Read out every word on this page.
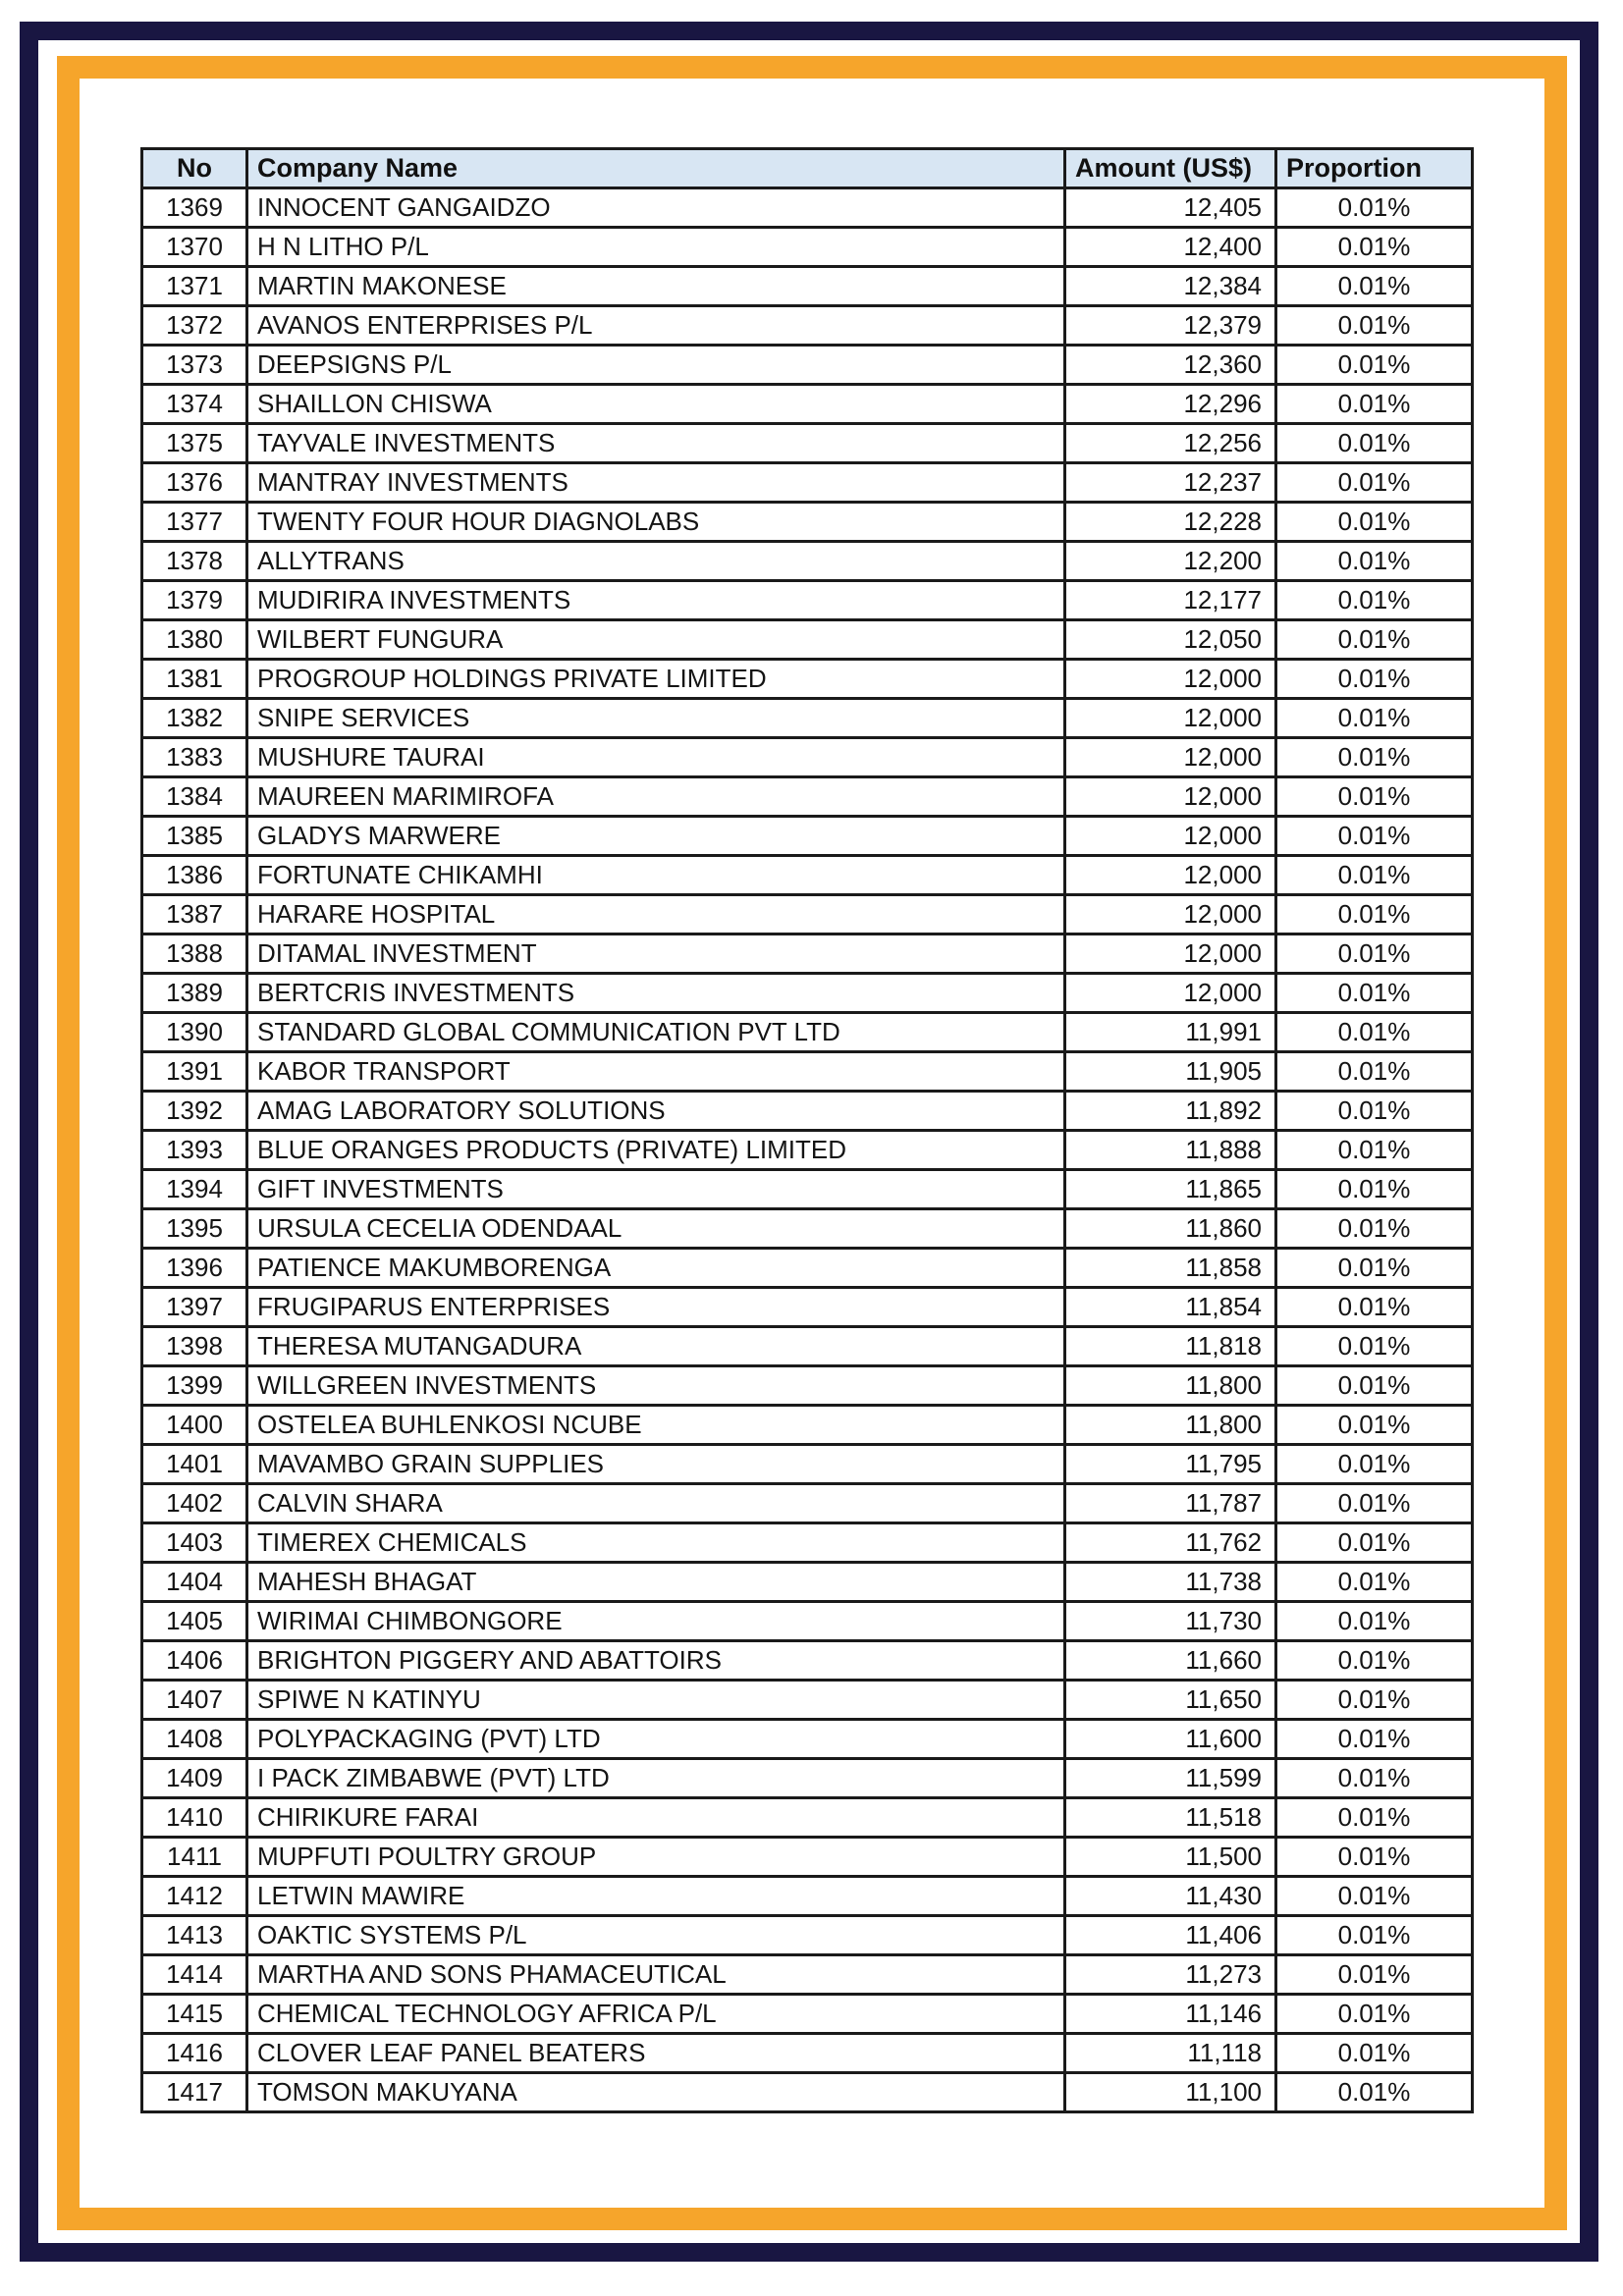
No	Company Name	Amount (US$)	Proportion
1369	INNOCENT GANGAIDZO	12,405	0.01%
1370	H N LITHO P/L	12,400	0.01%
1371	MARTIN MAKONESE	12,384	0.01%
1372	AVANOS ENTERPRISES P/L	12,379	0.01%
1373	DEEPSIGNS P/L	12,360	0.01%
1374	SHAILLON CHISWA	12,296	0.01%
1375	TAYVALE INVESTMENTS	12,256	0.01%
1376	MANTRAY INVESTMENTS	12,237	0.01%
1377	TWENTY FOUR HOUR DIAGNOLABS	12,228	0.01%
1378	ALLYTRANS	12,200	0.01%
1379	MUDIRIRA INVESTMENTS	12,177	0.01%
1380	WILBERT FUNGURA	12,050	0.01%
1381	PROGROUP HOLDINGS PRIVATE LIMITED	12,000	0.01%
1382	SNIPE SERVICES	12,000	0.01%
1383	MUSHURE TAURAI	12,000	0.01%
1384	MAUREEN MARIMIROFA	12,000	0.01%
1385	GLADYS MARWERE	12,000	0.01%
1386	FORTUNATE CHIKAMHI	12,000	0.01%
1387	HARARE HOSPITAL	12,000	0.01%
1388	DITAMAL INVESTMENT	12,000	0.01%
1389	BERTCRIS INVESTMENTS	12,000	0.01%
1390	STANDARD GLOBAL COMMUNICATION PVT LTD	11,991	0.01%
1391	KABOR TRANSPORT	11,905	0.01%
1392	AMAG LABORATORY SOLUTIONS	11,892	0.01%
1393	BLUE ORANGES PRODUCTS (PRIVATE) LIMITED	11,888	0.01%
1394	GIFT INVESTMENTS	11,865	0.01%
1395	URSULA CECELIA ODENDAAL	11,860	0.01%
1396	PATIENCE MAKUMBORENGA	11,858	0.01%
1397	FRUGIPARUS ENTERPRISES	11,854	0.01%
1398	THERESA MUTANGADURA	11,818	0.01%
1399	WILLGREEN INVESTMENTS	11,800	0.01%
1400	OSTELEA BUHLENKOSI NCUBE	11,800	0.01%
1401	MAVAMBO GRAIN SUPPLIES	11,795	0.01%
1402	CALVIN SHARA	11,787	0.01%
1403	TIMEREX CHEMICALS	11,762	0.01%
1404	MAHESH BHAGAT	11,738	0.01%
1405	WIRIMAI CHIMBONGORE	11,730	0.01%
1406	BRIGHTON PIGGERY AND ABATTOIRS	11,660	0.01%
1407	SPIWE N KATINYU	11,650	0.01%
1408	POLYPACKAGING (PVT) LTD	11,600	0.01%
1409	I PACK ZIMBABWE (PVT) LTD	11,599	0.01%
1410	CHIRIKURE FARAI	11,518	0.01%
1411	MUPFUTI POULTRY GROUP	11,500	0.01%
1412	LETWIN MAWIRE	11,430	0.01%
1413	OAKTIC SYSTEMS P/L	11,406	0.01%
1414	MARTHA AND SONS PHAMACEUTICAL	11,273	0.01%
1415	CHEMICAL TECHNOLOGY AFRICA P/L	11,146	0.01%
1416	CLOVER LEAF PANEL BEATERS	11,118	0.01%
1417	TOMSON MAKUYANA	11,100	0.01%
